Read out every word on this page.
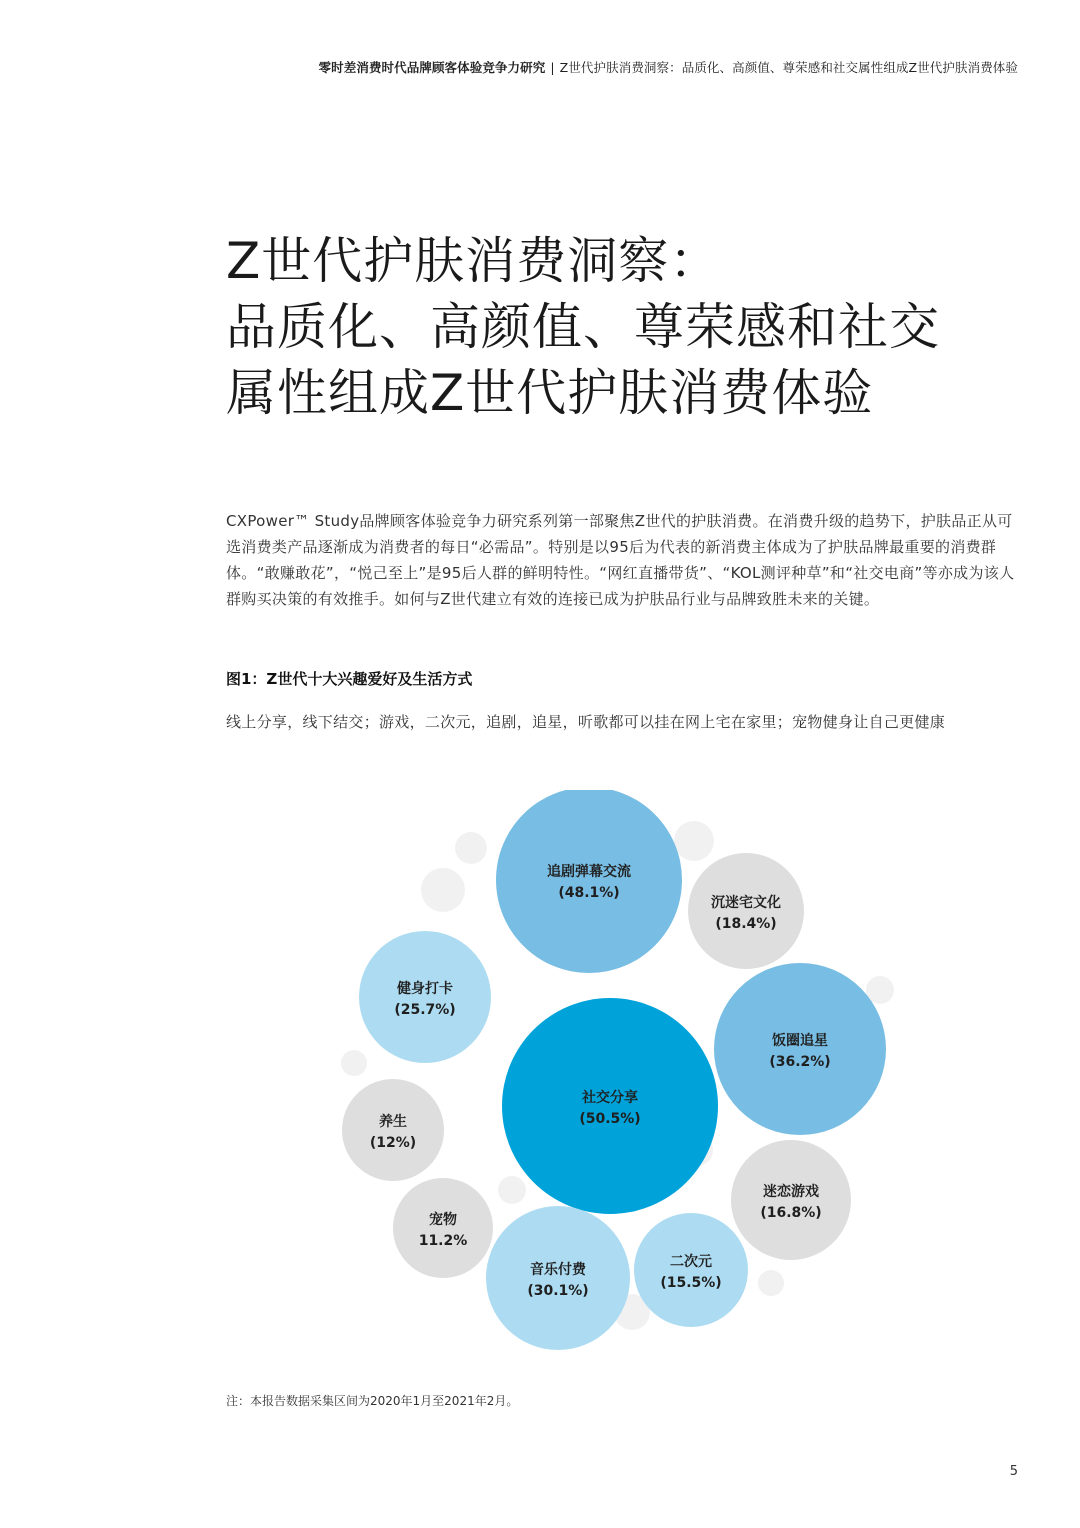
零时差消费时代品牌顾客体验竞争力研究 | Z世代护肤消费洞察：品质化、高颜值、尊荣感和社交属性组成Z世代护肤消费体验
Z世代护肤消费洞察：
品质化、高颜值、尊荣感和社交
属性组成Z世代护肤消费体验

CXPower™ Study品牌顾客体验竞争力研究系列第一部聚焦Z世代的护肤消费。在消费升级的趋势下，护肤品正从可选消费类产品逐渐成为消费者的每日“必需品”。特别是以95后为代表的新消费主体成为了护肤品牌最重要的消费群体。“敢赚敢花”，“悦己至上”是95后人群的鲜明特性。“网红直播带货”、“KOL测评种草”和“社交电商”等亦成为该人群购买决策的有效推手。如何与Z世代建立有效的连接已成为护肤品行业与品牌致胜未来的关键。

图1：Z世代十大兴趣爱好及生活方式

线上分享，线下结交；游戏，二次元，追剧，追星，听歌都可以挂在网上宅在家里；宠物健身让自己更健康

社交分享
(50.5%)
追剧弹幕交流
(48.1%)
饭圈追星
(36.2%)
音乐付费
(30.1%)
健身打卡
(25.7%)
沉迷宅文化
(18.4%)
迷恋游戏
(16.8%)
二次元
(15.5%)
养生
(12%)
宠物
11.2%

注：本报告数据采集区间为2020年1月至2021年2月。

5
